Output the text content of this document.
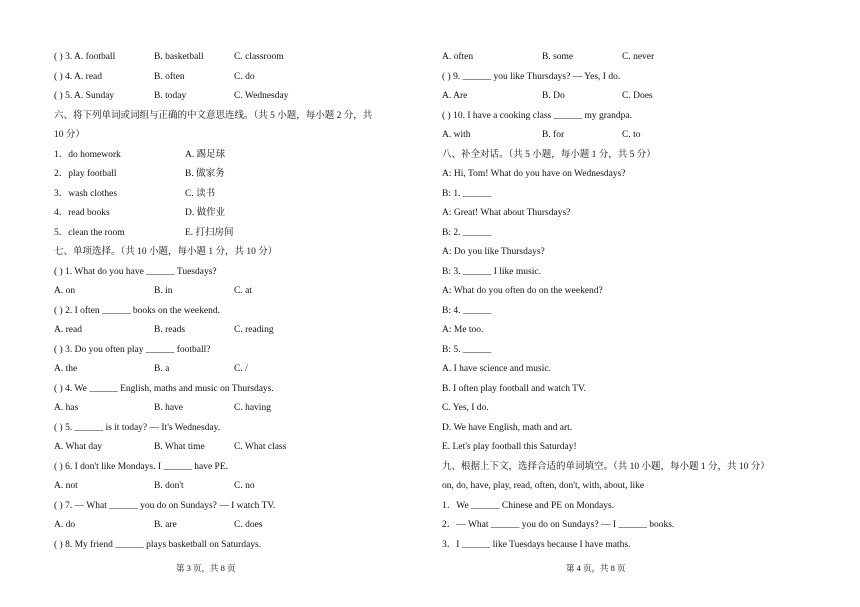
( ) 3. A. football	B. basketball	C. classroom
( ) 4. A. read	B. often	C. do
( ) 5. A. Sunday	B. today	C. Wednesday
六、将下列单词或词组与正确的中文意思连线。（共 5 小题，每小题 2 分，共
10 分）
1．do homework	A. 踢足球
2．play football	B. 做家务
3．wash clothes	C. 读书
4．read books	D. 做作业
5．clean the room	E. 打扫房间
七、单项选择。（共 10 小题，每小题 1 分，共 10 分）
( ) 1. What do you have ______ Tuesdays?
A. on	B. in	C. at
( ) 2. I often ______ books on the weekend.
A. read	B. reads	C. reading
( ) 3. Do you often play ______ football?
A. the	B. a	C. /
( ) 4. We ______ English, maths and music on Thursdays.
A. has	B. have	C. having
( ) 5. ______ is it today? — It's Wednesday.
A. What day	B. What time	C. What class
( ) 6. I don't like Mondays. I ______ have PE.
A. not	B. don't	C. no
( ) 7. — What ______ you do on Sundays? — I watch TV.
A. do	B. are	C. does
( ) 8. My friend ______ plays basketball on Saturdays.
A. often	B. some	C. never
( ) 9. ______ you like Thursdays? — Yes, I do.
A. Are	B. Do	C. Does
( ) 10. I have a cooking class ______ my grandpa.
A. with	B. for	C. to
八、补全对话。（共 5 小题，每小题 1 分，共 5 分）
A: Hi, Tom! What do you have on Wednesdays?
B: 1. ______
A: Great! What about Thursdays?
B: 2. ______
A: Do you like Thursdays?
B: 3. ______ I like music.
A: What do you often do on the weekend?
B: 4. ______
A: Me too.
B: 5. ______
A. I have science and music.
B. I often play football and watch TV.
C. Yes, I do.
D. We have English, math and art.
E. Let's play football this Saturday!
九、根据上下文，选择合适的单词填空。（共 10 小题，每小题 1 分，共 10 分）
on, do, have, play, read, often, don't, with, about, like
1．We ______ Chinese and PE on Mondays.
2．— What ______ you do on Sundays? — I ______ books.
3．I ______ like Tuesdays because I have maths.
第 3 页，共 8 页	第 4 页，共 8 页
